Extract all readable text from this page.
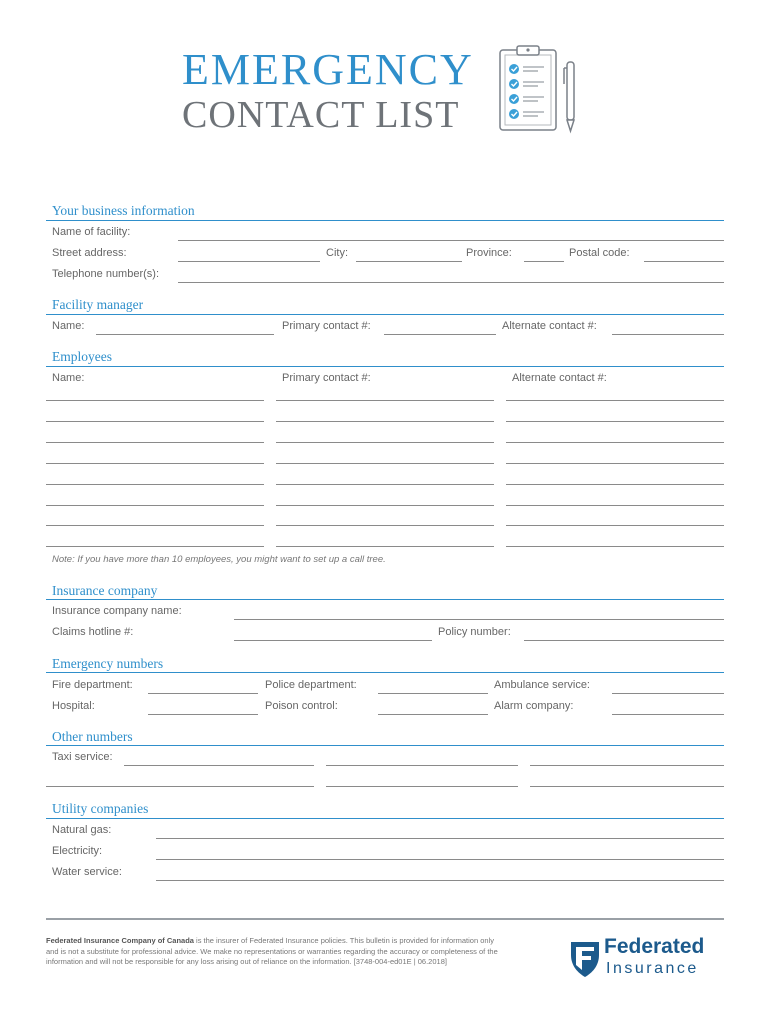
EMERGENCY
CONTACT LIST
Your business information
Name of facility:
Street address:	City:	Province:	Postal code:
Telephone number(s):
Facility manager
Name:	Primary contact #:	Alternate contact #:
Employees
Name:	Primary contact #:	Alternate contact #:
Note: If you have more than 10 employees, you might want to set up a call tree.
Insurance company
Insurance company name:
Claims hotline #:	Policy number:
Emergency numbers
Fire department:	Police department:	Ambulance service:
Hospital:	Poison control:	Alarm company:
Other numbers
Taxi service:
Utility companies
Natural gas:
Electricity:
Water service:
Federated Insurance Company of Canada is the insurer of Federated Insurance policies. This bulletin is provided for information only and is not a substitute for professional advice. We make no representations or warranties regarding the accuracy or completeness of the information and will not be responsible for any loss arising out of reliance on the information. [3748-004-ed01E | 06.2018]
Federated
Insurance
